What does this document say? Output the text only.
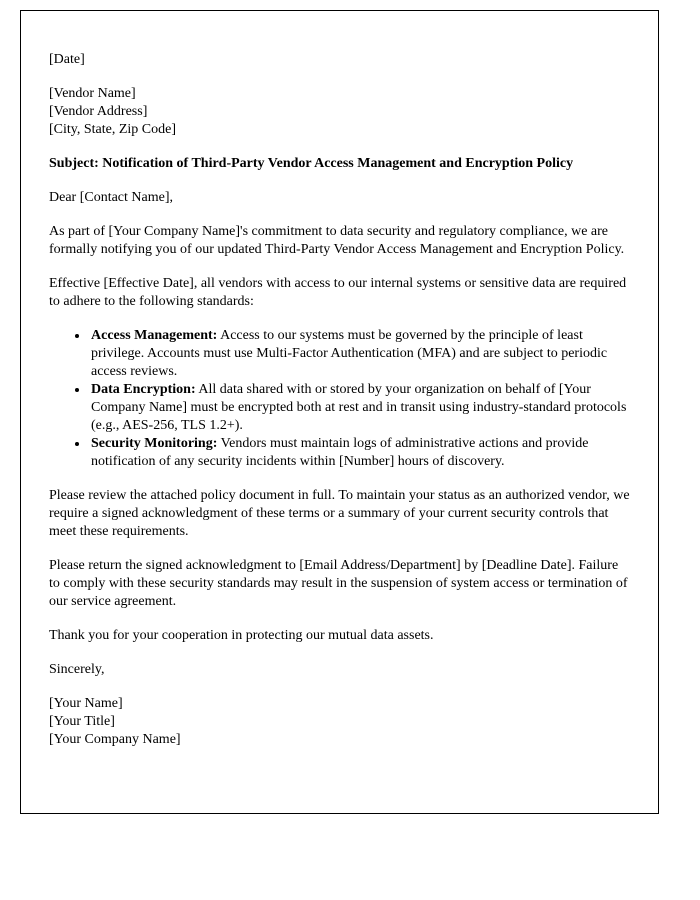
[Date]

[Vendor Name]

[Vendor Address]

[City, State, Zip Code]

Subject: Notification of Third-Party Vendor Access Management and Encryption Policy

Dear [Contact Name],

As part of [Your Company Name]'s commitment to data security and regulatory compliance, we are formally notifying you of our updated Third-Party Vendor Access Management and Encryption Policy.

Effective [Effective Date], all vendors with access to our internal systems or sensitive data are required to adhere to the following standards:

• Access Management: Access to our systems must be governed by the principle of least privilege. Accounts must use Multi-Factor Authentication (MFA) and are subject to periodic access reviews.
• Data Encryption: All data shared with or stored by your organization on behalf of [Your Company Name] must be encrypted both at rest and in transit using industry-standard protocols (e.g., AES-256, TLS 1.2+).
• Security Monitoring: Vendors must maintain logs of administrative actions and provide notification of any security incidents within [Number] hours of discovery.

Please review the attached policy document in full. To maintain your status as an authorized vendor, we require a signed acknowledgment of these terms or a summary of your current security controls that meet these requirements.

Please return the signed acknowledgment to [Email Address/Department] by [Deadline Date]. Failure to comply with these security standards may result in the suspension of system access or termination of our service agreement.

Thank you for your cooperation in protecting our mutual data assets.

Sincerely,

[Your Name]

[Your Title]

[Your Company Name]
